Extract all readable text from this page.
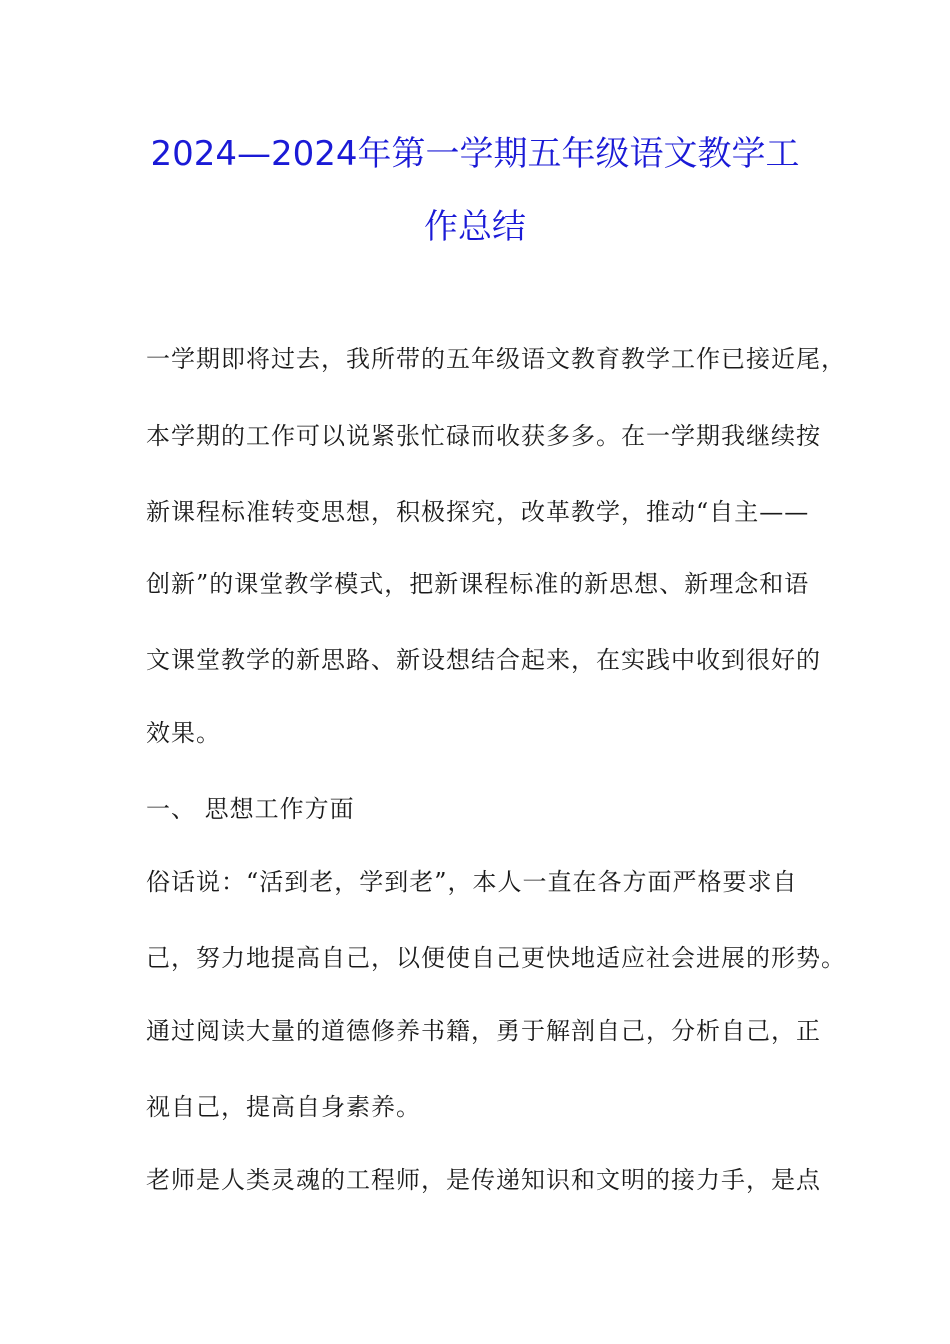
2024—2024年第一学期五年级语文教学工
作总结
一学期即将过去，我所带的五年级语文教育教学工作已接近尾，
本学期的工作可以说紧张忙碌而收获多多。在一学期我继续按
新课程标准转变思想，积极探究，改革教学，推动“自主——
创新”的课堂教学模式，把新课程标准的新思想、新理念和语
文课堂教学的新思路、新设想结合起来，在实践中收到很好的
效果。
一、 思想工作方面
俗话说：“活到老，学到老”，本人一直在各方面严格要求自
己，努力地提高自己，以便使自己更快地适应社会进展的形势。
通过阅读大量的道德修养书籍，勇于解剖自己，分析自己，正
视自己，提高自身素养。
老师是人类灵魂的工程师，是传递知识和文明的接力手，是点
